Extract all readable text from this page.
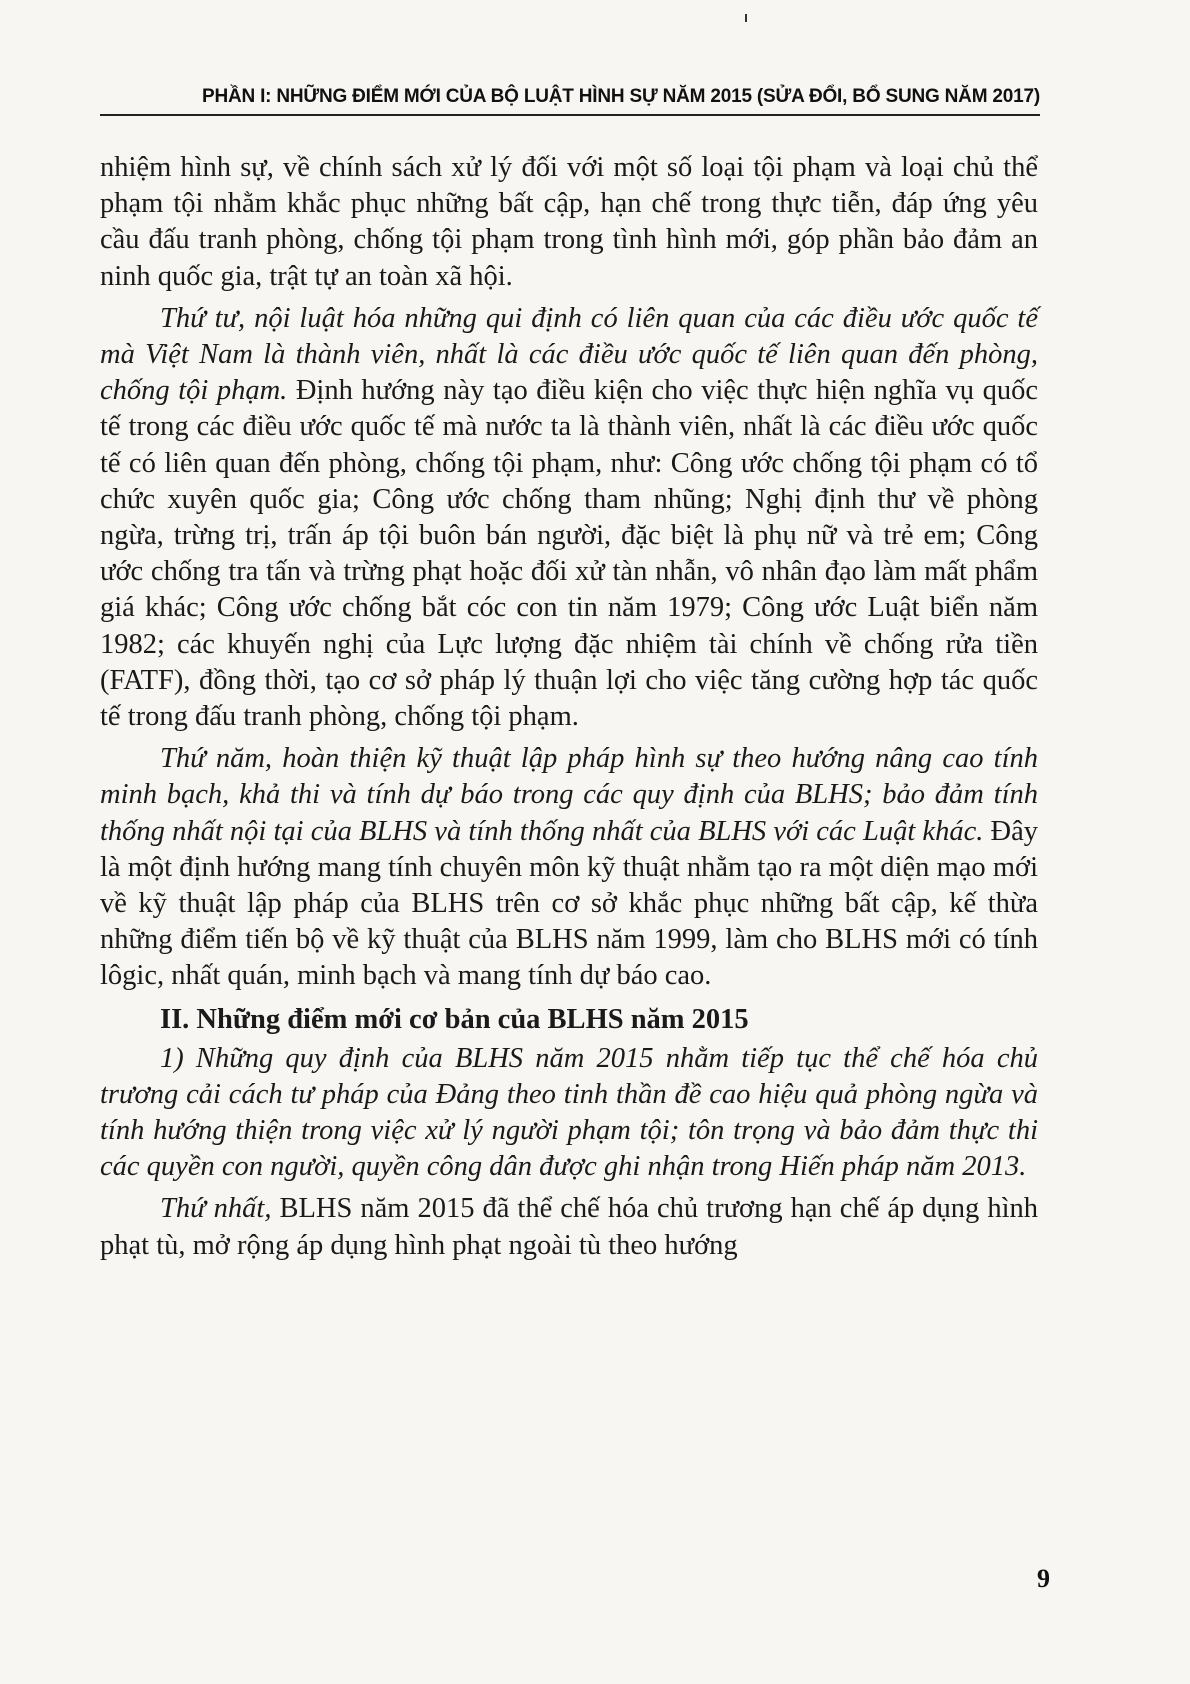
PHẦN I: NHỮNG ĐIỂM MỚI CỦA BỘ LUẬT HÌNH SỰ NĂM 2015 (SỬA ĐỔI, BỔ SUNG NĂM 2017)

nhiệm hình sự, về chính sách xử lý đối với một số loại tội phạm và loại chủ thể phạm tội nhằm khắc phục những bất cập, hạn chế trong thực tiễn, đáp ứng yêu cầu đấu tranh phòng, chống tội phạm trong tình hình mới, góp phần bảo đảm an ninh quốc gia, trật tự an toàn xã hội.

Thứ tư, nội luật hóa những qui định có liên quan của các điều ước quốc tế mà Việt Nam là thành viên, nhất là các điều ước quốc tế liên quan đến phòng, chống tội phạm. Định hướng này tạo điều kiện cho việc thực hiện nghĩa vụ quốc tế trong các điều ước quốc tế mà nước ta là thành viên, nhất là các điều ước quốc tế có liên quan đến phòng, chống tội phạm, như: Công ước chống tội phạm có tổ chức xuyên quốc gia; Công ước chống tham nhũng; Nghị định thư về phòng ngừa, trừng trị, trấn áp tội buôn bán người, đặc biệt là phụ nữ và trẻ em; Công ước chống tra tấn và trừng phạt hoặc đối xử tàn nhẫn, vô nhân đạo làm mất phẩm giá khác; Công ước chống bắt cóc con tin năm 1979; Công ước Luật biển năm 1982; các khuyến nghị của Lực lượng đặc nhiệm tài chính về chống rửa tiền (FATF), đồng thời, tạo cơ sở pháp lý thuận lợi cho việc tăng cường hợp tác quốc tế trong đấu tranh phòng, chống tội phạm.

Thứ năm, hoàn thiện kỹ thuật lập pháp hình sự theo hướng nâng cao tính minh bạch, khả thi và tính dự báo trong các quy định của BLHS; bảo đảm tính thống nhất nội tại của BLHS và tính thống nhất của BLHS với các Luật khác. Đây là một định hướng mang tính chuyên môn kỹ thuật nhằm tạo ra một diện mạo mới về kỹ thuật lập pháp của BLHS trên cơ sở khắc phục những bất cập, kế thừa những điểm tiến bộ về kỹ thuật của BLHS năm 1999, làm cho BLHS mới có tính lôgic, nhất quán, minh bạch và mang tính dự báo cao.

II. Những điểm mới cơ bản của BLHS năm 2015

1) Những quy định của BLHS năm 2015 nhằm tiếp tục thể chế hóa chủ trương cải cách tư pháp của Đảng theo tinh thần đề cao hiệu quả phòng ngừa và tính hướng thiện trong việc xử lý người phạm tội; tôn trọng và bảo đảm thực thi các quyền con người, quyền công dân được ghi nhận trong Hiến pháp năm 2013.

Thứ nhất, BLHS năm 2015 đã thể chế hóa chủ trương hạn chế áp dụng hình phạt tù, mở rộng áp dụng hình phạt ngoài tù theo hướng

9
